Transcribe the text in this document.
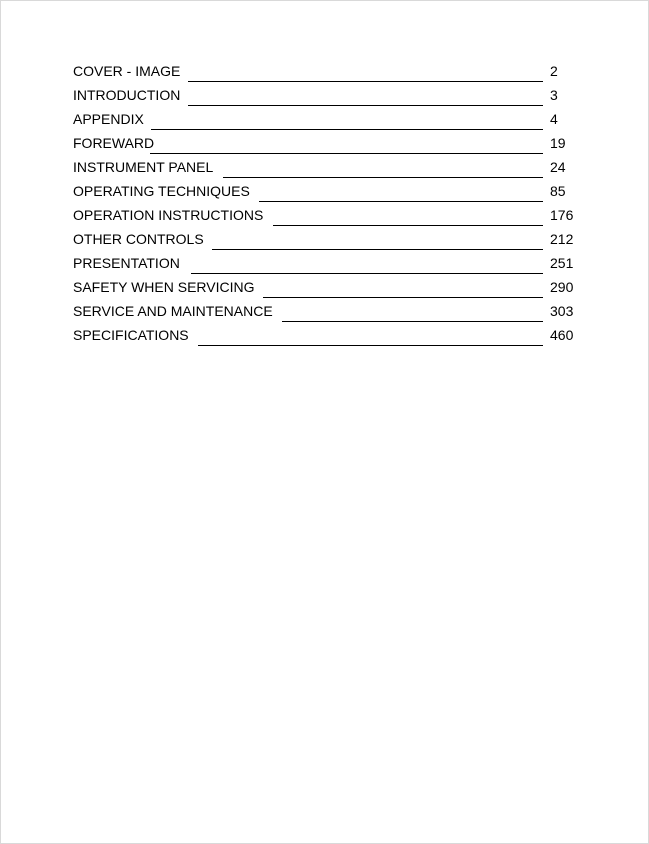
COVER - IMAGE	2
INTRODUCTION	3
APPENDIX	4
FOREWARD	19
INSTRUMENT PANEL	24
OPERATING TECHNIQUES	85
OPERATION INSTRUCTIONS	176
OTHER CONTROLS	212
PRESENTATION	251
SAFETY WHEN SERVICING	290
SERVICE AND MAINTENANCE	303
SPECIFICATIONS	460
